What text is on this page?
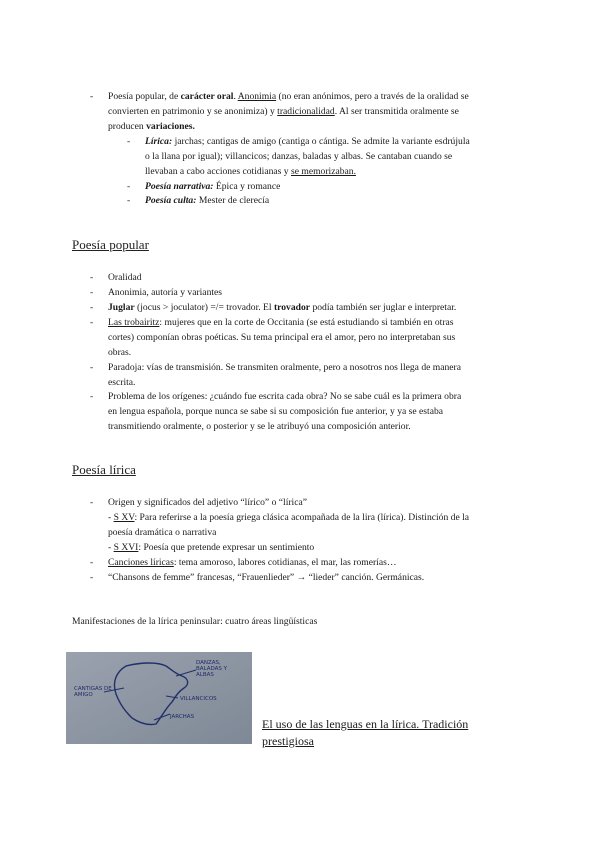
-	Poesía popular, de carácter oral. Anonimia (no eran anónimos, pero a través de la oralidad se
convierten en patrimonio y se anonimiza) y tradicionalidad. Al ser transmitida oralmente se
producen variaciones.
-	Lírica: jarchas; cantigas de amigo (cantiga o cántiga. Se admite la variante esdrújula
o la llana por igual); villancicos; danzas, baladas y albas. Se cantaban cuando se
llevaban a cabo acciones cotidianas y se memorizaban.
-	Poesía narrativa: Épica y romance
-	Poesía culta: Mester de clerecía
Poesía popular
-	Oralidad
-	Anonimia, autoría y variantes
-	Juglar (jocus > joculator) =/= trovador. El trovador podía también ser juglar e interpretar.
-	Las trobairitz: mujeres que en la corte de Occitania (se está estudiando si también en otras
cortes) componían obras poéticas. Su tema principal era el amor, pero no interpretaban sus
obras.
-	Paradoja: vías de transmisión. Se transmiten oralmente, pero a nosotros nos llega de manera
escrita.
-	Problema de los orígenes: ¿cuándo fue escrita cada obra? No se sabe cuál es la primera obra
en lengua española, porque nunca se sabe si su composición fue anterior, y ya se estaba
transmitiendo oralmente, o posterior y se le atribuyó una composición anterior.
Poesía lírica
-	Origen y significados del adjetivo “lírico” o “lírica”
- S XV: Para referirse a la poesía griega clásica acompañada de la lira (lírica). Distinción de la
poesía dramática o narrativa
- S XVI: Poesía que pretende expresar un sentimiento
-	Canciones líricas: tema amoroso, labores cotidianas, el mar, las romerías…
-	“Chansons de femme” francesas, “Frauenlieder” → “lieder” canción. Germánicas.
Manifestaciones de la lírica peninsular: cuatro áreas lingüísticas
CANTIGAS DE AMIGO
DANZAS, BALADAS Y ALBAS
VILLANCICOS
JARCHAS	El uso de las lenguas en la lírica. Tradición prestigiosa
